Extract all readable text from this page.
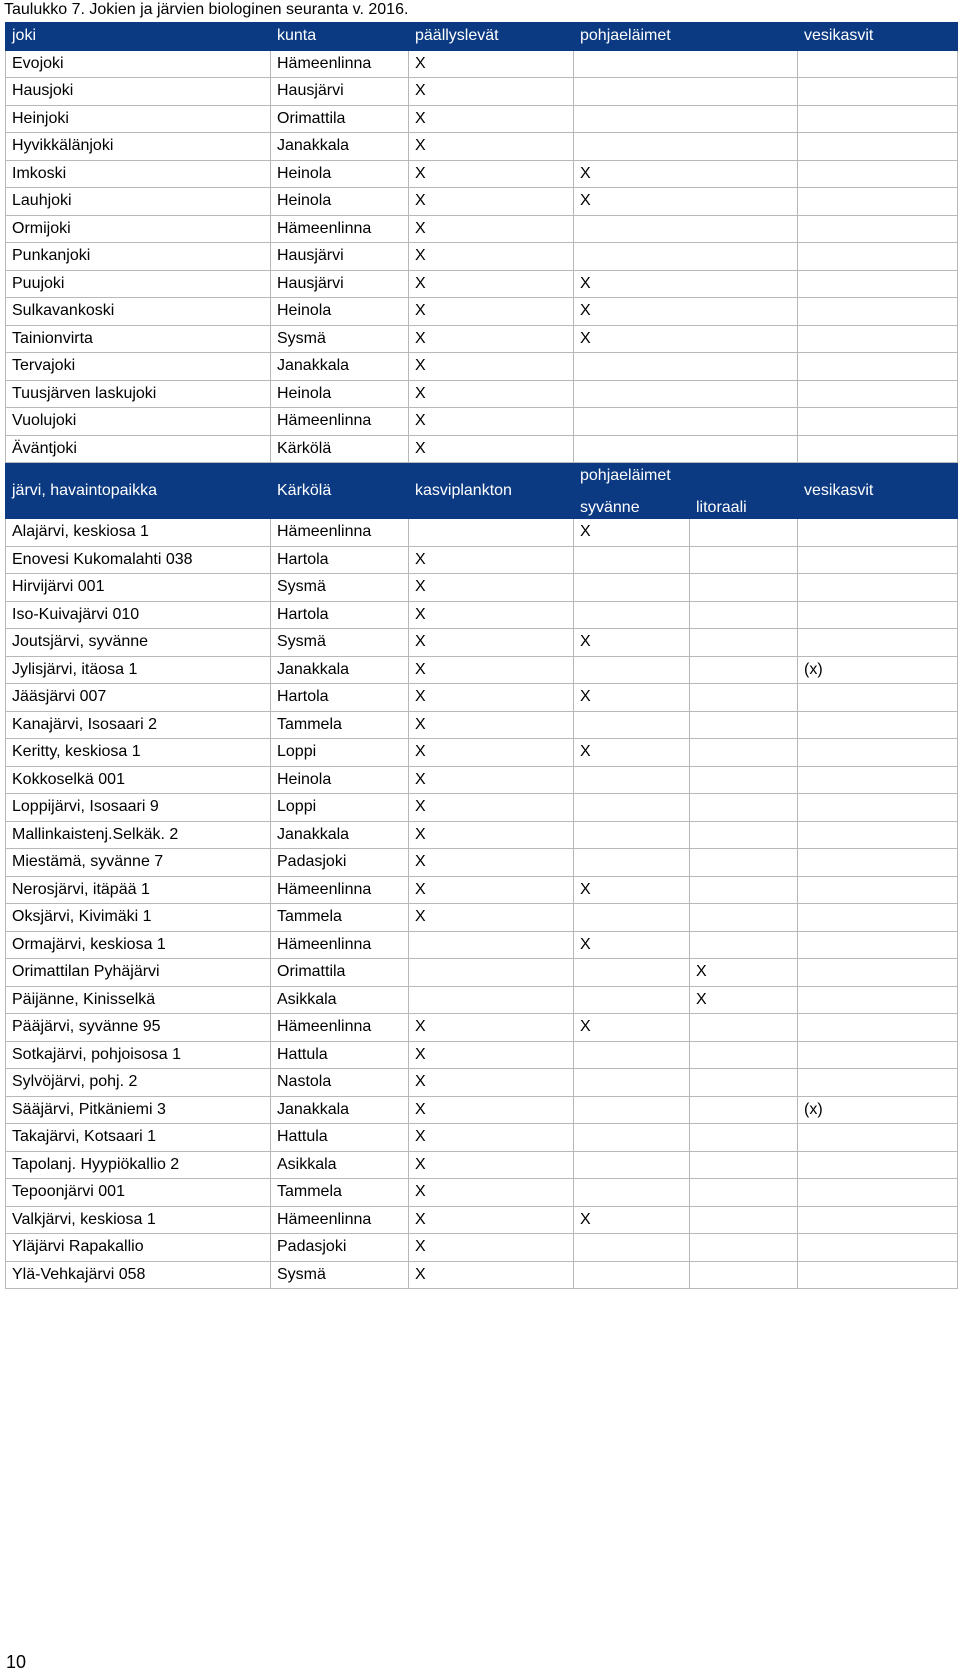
Taulukko 7. Jokien ja järvien biologinen seuranta v. 2016.
joki	kunta	päällyslevät	pohjaeläimet		vesikasvit
Evojoki	Hämeenlinna	X			
Hausjoki	Hausjärvi	X			
Heinjoki	Orimattila	X			
Hyvikkälänjoki	Janakkala	X			
Imkoski	Heinola	X	X		
Lauhjoki	Heinola	X	X		
Ormijoki	Hämeenlinna	X			
Punkanjoki	Hausjärvi	X			
Puujoki	Hausjärvi	X	X		
Sulkavankoski	Heinola	X	X		
Tainionvirta	Sysmä	X	X		
Tervajoki	Janakkala	X			
Tuusjärven laskujoki	Heinola	X			
Vuolujoki	Hämeenlinna	X			
Äväntjoki	Kärkölä	X			
järvi, havaintopaikka	Kärkölä	kasviplankton	pohjaeläimet		vesikasvit
			syvänne	litoraali	
Alajärvi, keskiosa 1	Hämeenlinna		X		
Enovesi Kukomalahti 038	Hartola	X			
Hirvijärvi 001	Sysmä	X			
Iso-Kuivajärvi 010	Hartola	X			
Joutsjärvi, syvänne	Sysmä	X	X		
Jylisjärvi, itäosa 1	Janakkala	X			(x)
Jääsjärvi 007	Hartola	X	X		
Kanajärvi, Isosaari 2	Tammela	X			
Keritty, keskiosa 1	Loppi	X	X		
Kokkoselkä 001	Heinola	X			
Loppijärvi, Isosaari 9	Loppi	X			
Mallinkaistenj.Selkäk. 2	Janakkala	X			
Miestämä, syvänne 7	Padasjoki	X			
Nerosjärvi, itäpää 1	Hämeenlinna	X	X		
Oksjärvi, Kivimäki 1	Tammela	X			
Ormajärvi, keskiosa 1	Hämeenlinna		X		
Orimattilan Pyhäjärvi	Orimattila			X	
Päijänne, Kinisselkä	Asikkala			X	
Pääjärvi, syvänne 95	Hämeenlinna	X	X		
Sotkajärvi, pohjoisosa 1	Hattula	X			
Sylvöjärvi, pohj. 2	Nastola	X			
Sääjärvi, Pitkäniemi 3	Janakkala	X			(x)
Takajärvi, Kotsaari 1	Hattula	X			
Tapolanj. Hyypiökallio 2	Asikkala	X			
Tepoonjärvi 001	Tammela	X			
Valkjärvi, keskiosa 1	Hämeenlinna	X	X		
Yläjärvi Rapakallio	Padasjoki	X			
Ylä-Vehkajärvi 058	Sysmä	X			
10
